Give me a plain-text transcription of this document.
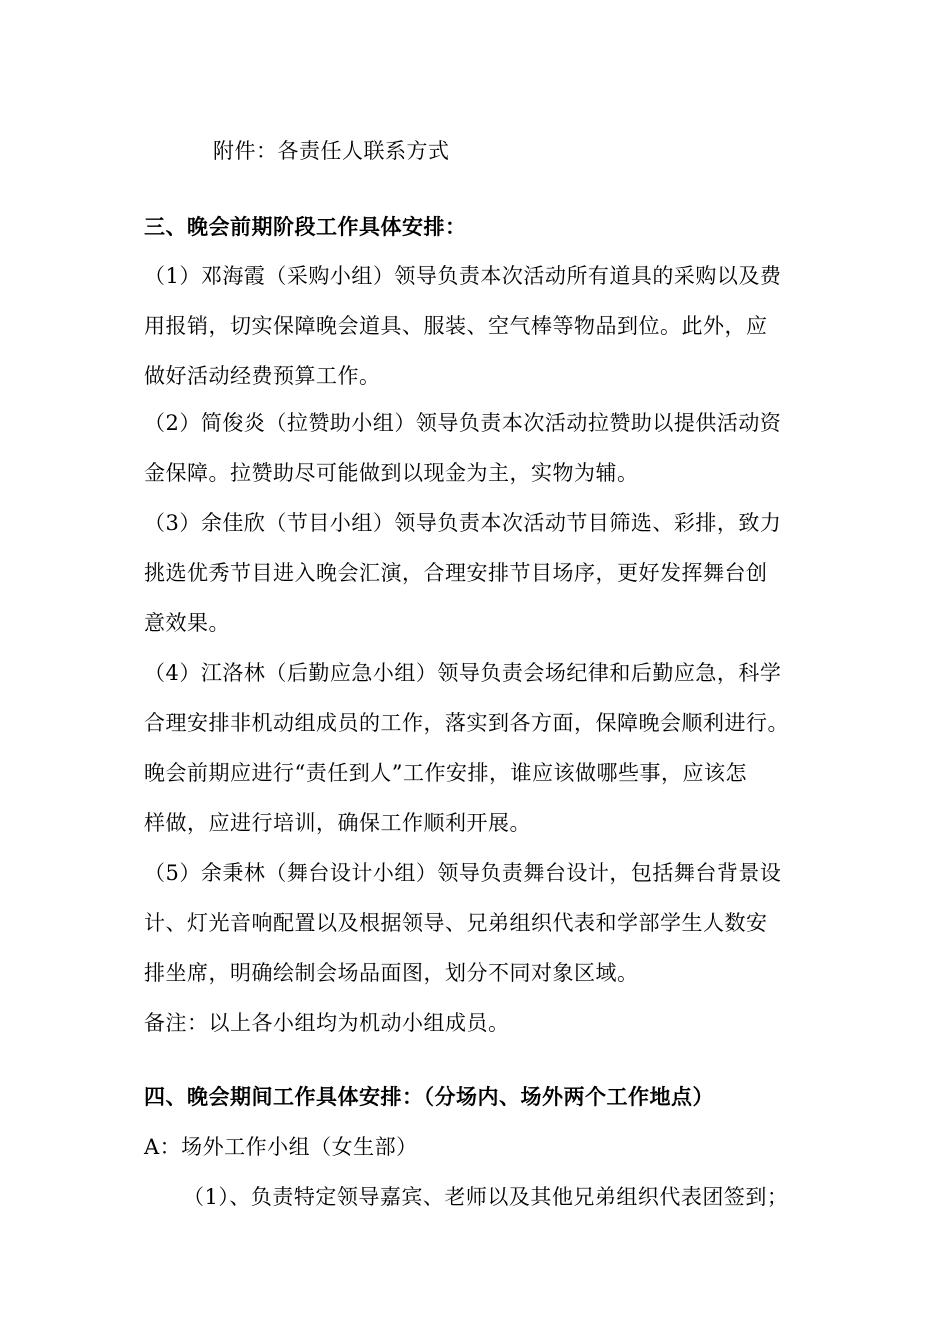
附件：各责任人联系方式
三、晚会前期阶段工作具体安排：
（1）邓海霞（采购小组）领导负责本次活动所有道具的采购以及费
用报销，切实保障晚会道具、服装、空气棒等物品到位。此外，应
做好活动经费预算工作。
（2）简俊炎（拉赞助小组）领导负责本次活动拉赞助以提供活动资
金保障。拉赞助尽可能做到以现金为主，实物为辅。
（3）余佳欣（节目小组）领导负责本次活动节目筛选、彩排，致力
挑选优秀节目进入晚会汇演，合理安排节目场序，更好发挥舞台创
意效果。
（4）江洛林（后勤应急小组）领导负责会场纪律和后勤应急，科学
合理安排非机动组成员的工作，落实到各方面，保障晚会顺利进行。
晚会前期应进行“责任到人”工作安排，谁应该做哪些事，应该怎
样做，应进行培训，确保工作顺利开展。
（5）余秉林（舞台设计小组）领导负责舞台设计，包括舞台背景设
计、灯光音响配置以及根据领导、兄弟组织代表和学部学生人数安
排坐席，明确绘制会场品面图，划分不同对象区域。
备注：以上各小组均为机动小组成员。
四、晚会期间工作具体安排：（分场内、场外两个工作地点）
A：场外工作小组（女生部）
（1）、负责特定领导嘉宾、老师以及其他兄弟组织代表团签到；
